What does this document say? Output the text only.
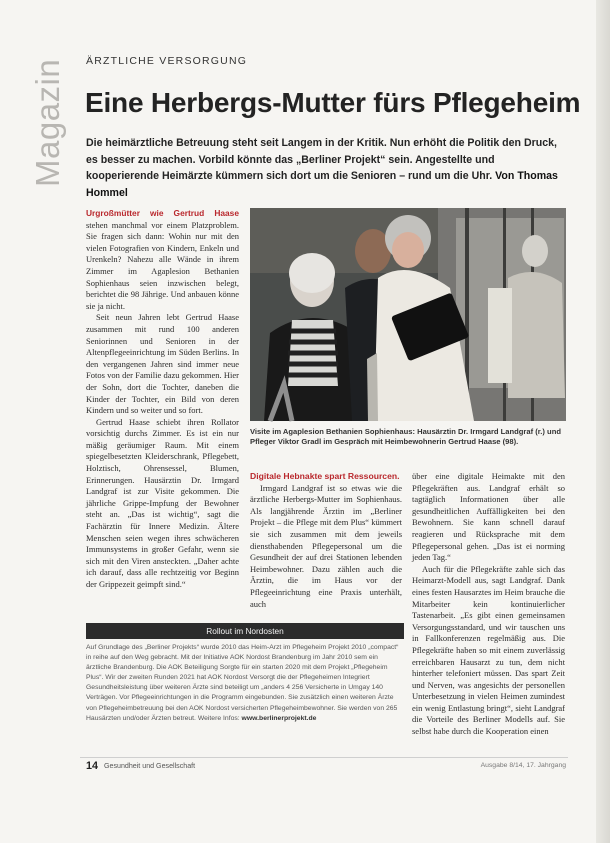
Magazin ÄRZTLICHE VERSORGUNG
Eine Herbergs-Mutter fürs Pflegeheim
Die heimärztliche Betreuung steht seit Langem in der Kritik. Nun erhöht die Politik den Druck, es besser zu machen. Vorbild könnte das „Berliner Projekt“ sein. Angestellte und kooperierende Heimärzte kümmern sich dort um die Senioren – rund um die Uhr. Von Thomas Hommel

Urgroßmütter wie Gertrud Haase stehen manchmal vor einem Platzproblem. Sie fragen sich dann: Wohin nur mit den vielen Fotografien von Kindern, Enkeln und Urenkeln? Nahezu alle Wände in ihrem Zimmer im Agaplesion Bethanien Sophienhaus seien inzwischen belegt, berichtet die 98 Jährige. Und anbauen könne sie ja nicht.

Seit neun Jahren lebt Gertrud Haase zusammen mit rund 100 anderen Seniorinnen und Senioren in der Altenpflegeeinrichtung im Süden Berlins. In den vergangenen Jahren sind immer neue Fotos von der Familie dazu gekommen. Hier der Sohn, dort die Tochter, daneben die Kinder der Tochter, ein Bild von deren Kindern und so weiter und so fort.

Gertrud Haase schiebt ihren Rollator vorsichtig durchs Zimmer. Es ist ein nur mäßig geräumiger Raum. Mit einem spiegelbesetzten Kleiderschrank, Pflegebett, Holztisch, Ohrensessel, Blumen, Erinnerungen. Hausärztin Dr. Irmgard Landgraf ist zur Visite gekommen. Die jährliche Grippe-Impfung der Bewohner steht an. „Das ist wichtig“, sagt die Fachärztin für Innere Medizin. Ältere Menschen seien wegen ihres schwächeren Immunsystems in großer Gefahr, wenn sie sich mit den Viren ansteckten. „Daher achte ich darauf, dass alle rechtzeitig vor Beginn der Grippezeit geimpft sind.“

Visite im Agaplesion Bethanien Sophienhaus: Hausärztin Dr. Irmgard Landgraf (r.) und Pfleger Viktor Gradl im Gespräch mit Heimbewohnerin Gertrud Haase (98).

Digitale Hebnakte spart Ressourcen.

Irmgard Landgraf ist so etwas wie die ärztliche Herbergs-Mutter im Sophienhaus. Als langjährende Ärztin im „Berliner Projekt – die Pflege mit dem Plus“ kümmert sie sich zusammen mit dem jeweils diensthabenden Pflegepersonal um die Gesundheit der auf drei Stationen lebenden Heimbewohner. Dazu zählen auch die Ärztin, die im Haus vor der Pflegeeinrichtung eine Praxis unterhält, auch

über eine digitale Heimakte mit den Pflegekräften aus. Landgraf erhält so tagtäglich Informationen über alle gesundheitlichen Auffälligkeiten bei den Bewohnern. Sie kann schnell darauf reagieren und Rücksprache mit dem Pflegepersonal gehen. „Das ist ei norming jeden Tag.“

Auch für die Pflegekräfte zahle sich das Heimarzt-Modell aus, sagt Landgraf. Dank eines festen Hausarztes im Heim brauche die Mitarbeiter kein kontinuierlicher Tastenarbeit. „Es gibt einen gemeinsamen Versorgungsstandard, und wir tauschen uns in Fallkonferenzen regelmäßig aus. Die Pflegekräfte haben so mit einem zuverlässig erreichbaren Hausarzt zu tun, dem nicht hinterher telefoniert müssen. Das spart Zeit und Nerven, was angesichts der personellen Unterbesetzung in vielen Heimen zumindest ein wenig Entlastung bringt“, sieht Landgraf die Vorteile des Berliner Modells auf. Sie selbst habe durch die Kooperation einen

Rollout im Nordosten
Auf Grundlage des „Berliner Projekts“ wurde 2010 das Heim-Arzt im Pflegeheim Projekt 2010 „compact“ in reihe auf den Weg gebracht. Mit der Initiative AOK Nordost Brandenburg im Jahr 2010 sem ein ärztliche Brandenburg. Die AOK Beteiligung Sorgte für ein starten 2020 mit dem Projekt „Pflegeheim Plus“. Wir der zweiten Runden 2021 hat AOK Nordost Versorgt die der Pflegeheimen Integriert Gesundheitsleistung über weiteren Ärzte sind beteiligt um „anders 4 256 Versicherte in Umgay 140 Verträgen. Vor Pflegeeinrichtungen in die Programm eingebunden. Sie zusätzlich einen weiteren Ärzte von Pflegeheimbetreuung bei den AOK Nordost versicherten Pflegeheimbewohner. Sie werden von 265 Hausärzten und/oder Ärzten betreut. Weitere Infos: www.berlinerprojekt.de
14 Gesundheit und Gesellschaft	Ausgabe 8/14, 17. Jahrgang
